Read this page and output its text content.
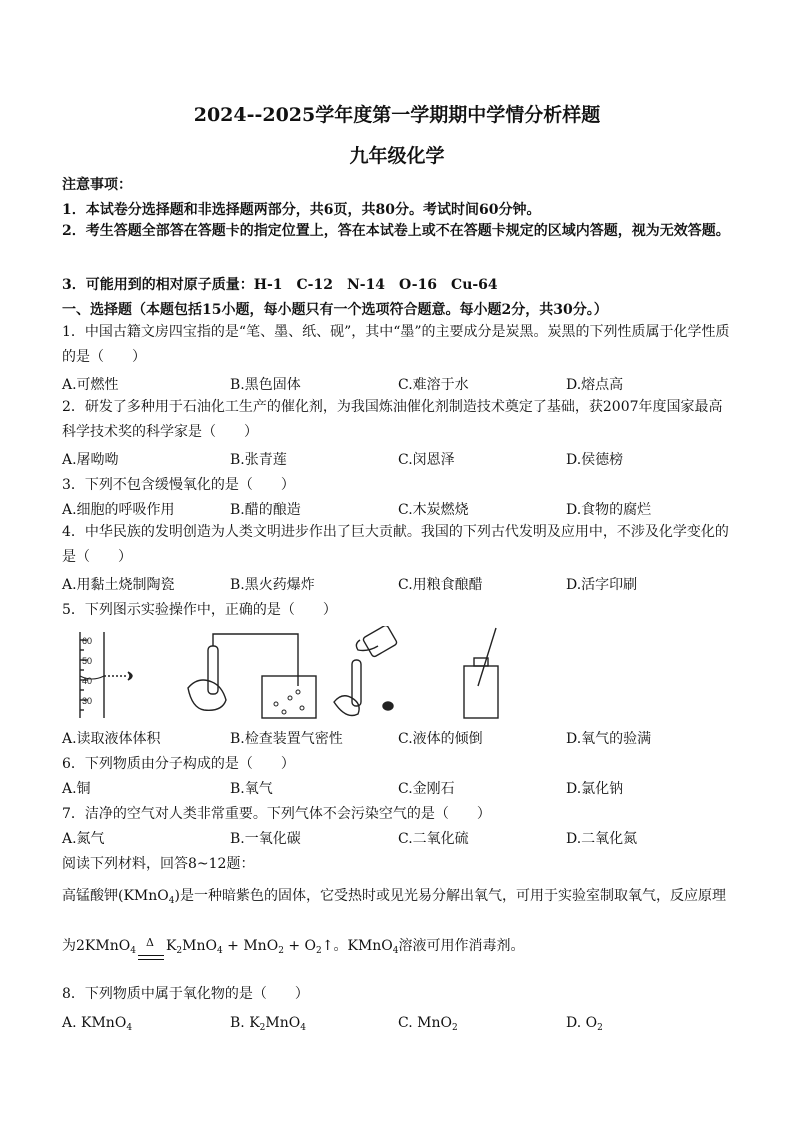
2024--2025学年度第一学期期中学情分析样题
九年级化学
注意事项：
1．本试卷分选择题和非选择题两部分，共6页，共80分。考试时间60分钟。
2．考生答题全部答在答题卡的指定位置上，答在本试卷上或不在答题卡规定的区域内答题，视为无效答题。
3．可能用到的相对原子质量：H-1　C-12　N-14　O-16　Cu-64
一、选择题（本题包括15小题，每小题只有一个选项符合题意。每小题2分，共30分。）
1．中国古籍文房四宝指的是“笔、墨、纸、砚”，其中“墨”的主要成分是炭黑。炭黑的下列性质属于化学性质的是（　　）
A.可燃性	B.黑色固体	C.难溶于水	D.熔点高
2．研发了多种用于石油化工生产的催化剂，为我国炼油催化剂制造技术奠定了基础，获2007年度国家最高科学技术奖的科学家是（　　）
A.屠呦呦	B.张青莲	C.闵恩泽	D.侯德榜
3．下列不包含缓慢氧化的是（　　）
A.细胞的呼吸作用	B.醋的酿造	C.木炭燃烧	D.食物的腐烂
4．中华民族的发明创造为人类文明进步作出了巨大贡献。我国的下列古代发明及应用中，不涉及化学变化的是（　　）
A.用黏土烧制陶瓷	B.黑火药爆炸	C.用粮食酿醋	D.活字印刷
5．下列图示实验操作中，正确的是（　　）
60
50
40
30
A.读取液体体积	B.检查装置气密性	C.液体的倾倒	D.氧气的验满
6．下列物质由分子构成的是（　　）
A.铜	B.氧气	C.金刚石	D.氯化钠
7．洁净的空气对人类非常重要。下列气体不会污染空气的是（　　）
A.氮气	B.一氧化碳	C.二氧化硫	D.二氧化氮
阅读下列材料，回答8~12题：
高锰酸钾(KMnO$_4$)是一种暗紫色的固体，它受热时或见光易分解出氧气，可用于实验室制取氧气，反应原理
为2KMnO$_4$
Δ $K_2MnO_4 + MnO_2$ + $O_2↑$。KMnO$_4$溶液可用作消毒剂。
8．下列物质中属于氧化物的是（　　）
A. KMnO$_4$	B. $K_2MnO_4$	C. MnO$_2$	D. $O_2$
